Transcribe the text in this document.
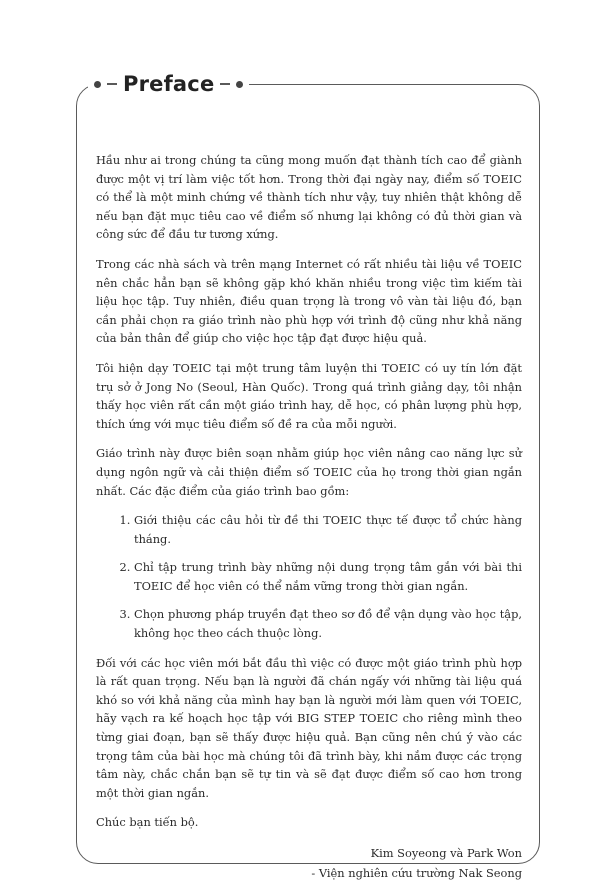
Preface

Hầu như ai trong chúng ta cũng mong muốn đạt thành tích cao để giành được một vị trí làm việc tốt hơn. Trong thời đại ngày nay, điểm số TOEIC có thể là một minh chứng về thành tích như vậy, tuy nhiên thật không dễ nếu bạn đặt mục tiêu cao về điểm số nhưng lại không có đủ thời gian và công sức để đầu tư tương xứng.

Trong các nhà sách và trên mạng Internet có rất nhiều tài liệu về TOEIC nên chắc hẳn bạn sẽ không gặp khó khăn nhiều trong việc tìm kiếm tài liệu học tập. Tuy nhiên, điều quan trọng là trong vô vàn tài liệu đó, bạn cần phải chọn ra giáo trình nào phù hợp với trình độ cũng như khả năng của bản thân để giúp cho việc học tập đạt được hiệu quả.

Tôi hiện dạy TOEIC tại một trung tâm luyện thi TOEIC có uy tín lớn đặt trụ sở ở Jong No (Seoul, Hàn Quốc). Trong quá trình giảng dạy, tôi nhận thấy học viên rất cần một giáo trình hay, dễ học, có phân lượng phù hợp, thích ứng với mục tiêu điểm số đề ra của mỗi người.

Giáo trình này được biên soạn nhằm giúp học viên nâng cao năng lực sử dụng ngôn ngữ và cải thiện điểm số TOEIC của họ trong thời gian ngắn nhất. Các đặc điểm của giáo trình bao gồm:

1. Giới thiệu các câu hỏi từ đề thi TOEIC thực tế được tổ chức hàng tháng.
2. Chỉ tập trung trình bày những nội dung trọng tâm gắn với bài thi TOEIC để học viên có thể nắm vững trong thời gian ngắn.
3. Chọn phương pháp truyền đạt theo sơ đồ để vận dụng vào học tập, không học theo cách thuộc lòng.

Đối với các học viên mới bắt đầu thì việc có được một giáo trình phù hợp là rất quan trọng. Nếu bạn là người đã chán ngấy với những tài liệu quá khó so với khả năng của mình hay bạn là người mới làm quen với TOEIC, hãy vạch ra kế hoạch học tập với BIG STEP TOEIC cho riêng mình theo từng giai đoạn, bạn sẽ thấy được hiệu quả. Bạn cũng nên chú ý vào các trọng tâm của bài học mà chúng tôi đã trình bày, khi nắm được các trọng tâm này, chắc chắn bạn sẽ tự tin và sẽ đạt được điểm số cao hơn trong một thời gian ngắn.

Chúc bạn tiến bộ.

Kim Soyeong và Park Won
- Viện nghiên cứu trường Nak Seong
